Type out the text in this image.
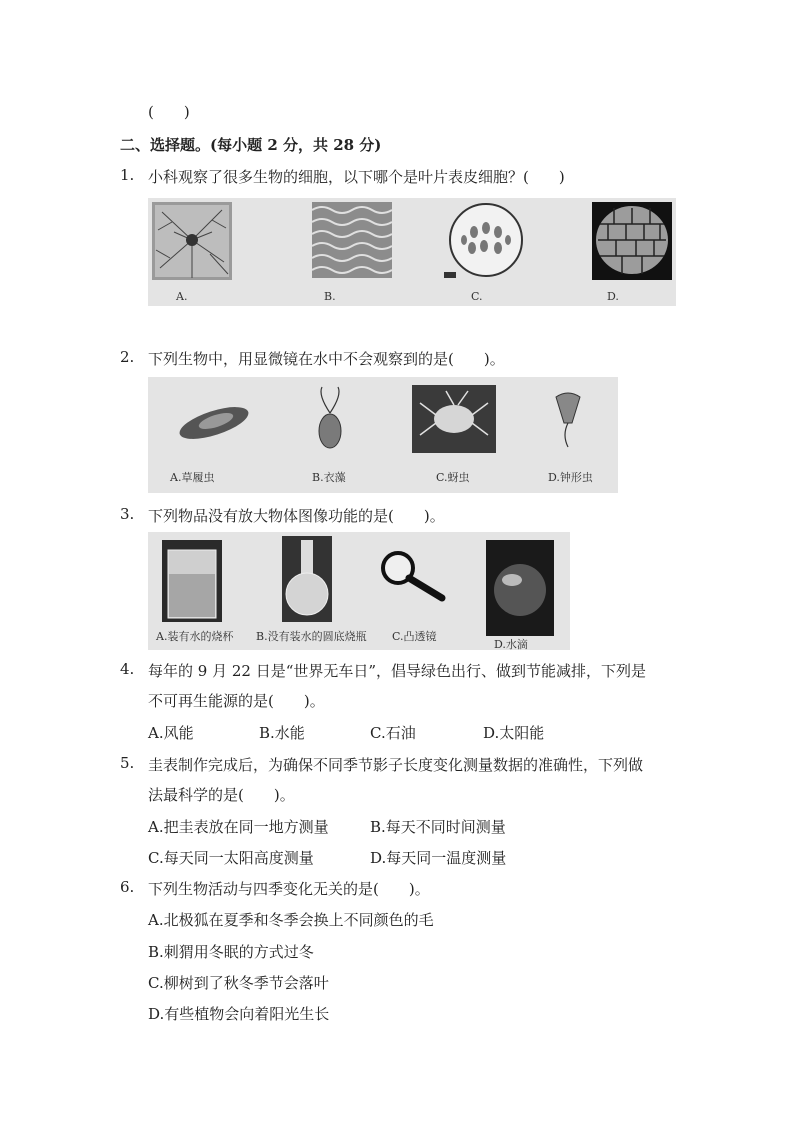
(　　)
二、选择题。(每小题 2 分，共 28 分)
1. 小科观察了很多生物的细胞，以下哪个是叶片表皮细胞？(　　)
A.	B.	C.	D.
2. 下列生物中，用显微镜在水中不会观察到的是(　　)。
A.草履虫	B.衣藻	C.蚜虫	D.钟形虫
3. 下列物品没有放大物体图像功能的是(　　)。
A.装有水的烧杯 B.没有装水的圆底烧瓶 C.凸透镜
D.水滴
4. 每年的 9 月 22 日是“世界无车日”，倡导绿色出行、做到节能减排，下列是
不可再生能源的是(　　)。
A.风能	B.水能	C.石油	D.太阳能
5. 圭表制作完成后，为确保不同季节影子长度变化测量数据的准确性，下列做
法最科学的是(　　)。
A.把圭表放在同一地方测量	B.每天不同时间测量
C.每天同一太阳高度测量	D.每天同一温度测量
6. 下列生物活动与四季变化无关的是(　　)。
A.北极狐在夏季和冬季会换上不同颜色的毛
B.刺猬用冬眠的方式过冬
C.柳树到了秋冬季节会落叶
D.有些植物会向着阳光生长
